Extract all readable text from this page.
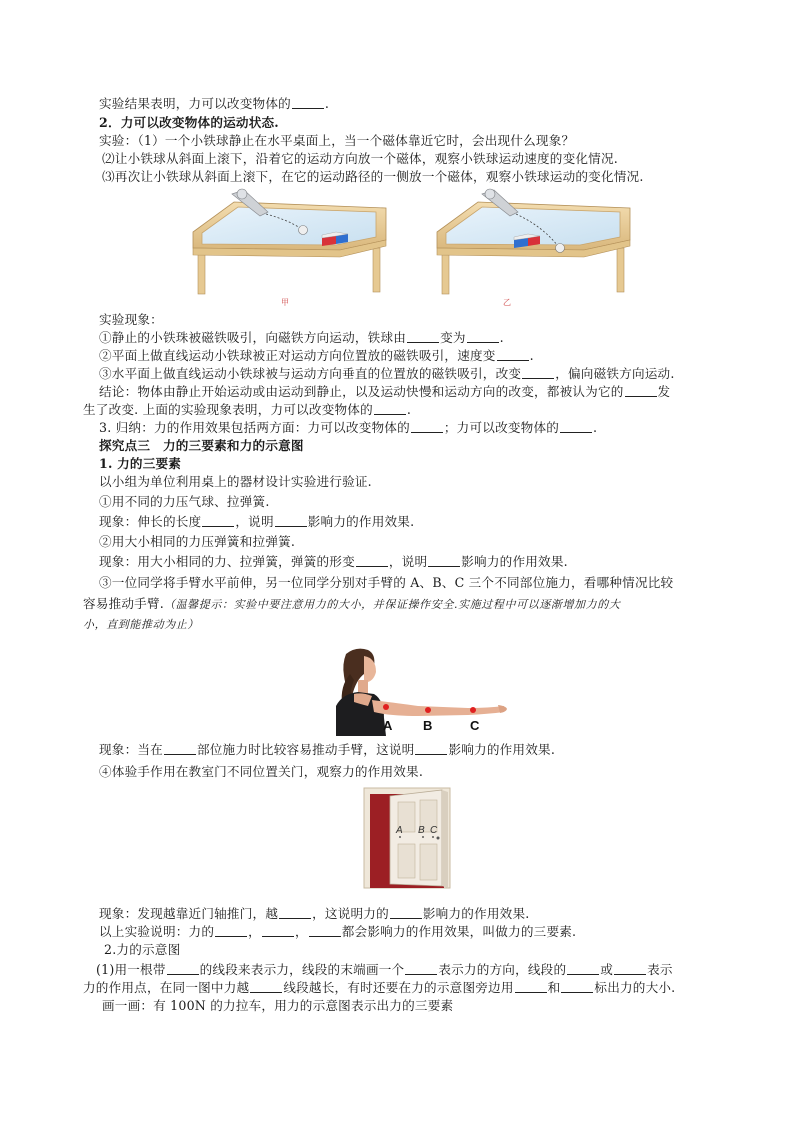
实验结果表明，力可以改变物体的	.
2．力可以改变物体的运动状态.
实验：（1）一个小铁球静止在水平桌面上，当一个磁体靠近它时，会出现什么现象？
⑵让小铁球从斜面上滚下，沿着它的运动方向放一个磁体，观察小铁球运动速度的变化情况.
⑶再次让小铁球从斜面上滚下，在它的运动路径的一侧放一个磁体，观察小铁球运动的变化情况.
甲	乙
实验现象：
①静止的小铁珠被磁铁吸引，向磁铁方向运动，铁球由	变为	.
②平面上做直线运动小铁球被正对运动方向位置放的磁铁吸引，速度变	.
③水平面上做直线运动小铁球被与运动方向垂直的位置放的磁铁吸引，改变	，偏向磁铁方向运动.
结论：物体由静止开始运动或由运动到静止，以及运动快慢和运动方向的改变，都被认为它的	发
生了改变. 上面的实验现象表明，力可以改变物体的	.
3. 归纳：力的作用效果包括两方面：力可以改变物体的	；力可以改变物体的	.
探究点三　力的三要素和力的示意图
1. 力的三要素
以小组为单位利用桌上的器材设计实验进行验证.
①用不同的力压气球、拉弹簧.
现象：伸长的长度	，说明	影响力的作用效果.
②用大小相同的力压弹簧和拉弹簧.
现象：用大小相同的力、拉弹簧，弹簧的形变	，说明	影响力的作用效果.
③一位同学将手臂水平前伸，另一位同学分别对手臂的 A、B、C 三个不同部位施力，看哪种情况比较
容易推动手臂.（温馨提示：实验中要注意用力的大小，并保证操作安全.实施过程中可以逐渐增加力的大
小，直到能推动为止）
A B	C
现象：当在	部位施力时比较容易推动手臂，这说明	影响力的作用效果.
④体验手作用在教室门不同位置关门，观察力的作用效果.
A B C
现象：发现越靠近门轴推门，越	，这说明力的	影响力的作用效果.
以上实验说明：力的	，	，	都会影响力的作用效果，叫做力的三要素.
2.力的示意图
(1)用一根带	的线段来表示力，线段的末端画一个	表示力的方向，线段的	或	表示
力的作用点，在同一图中力越	线段越长，有时还要在力的示意图旁边用	和	标出力的大小.
画一画：有 100N 的力拉车，用力的示意图表示出力的三要素
